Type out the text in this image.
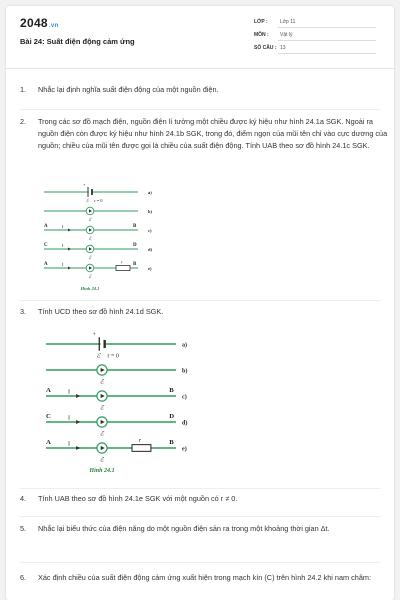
2048.vn
Bài 24: Suất điện động cảm ứng
LỚP : Lớp 11
MÔN : Vật lý
SỐ CÂU : 13
1. Nhắc lại định nghĩa suất điện động của một nguồn điện.
2. Trong các sơ đồ mạch điện, nguồn điện lí tưởng một chiều được ký hiệu như hình 24.1a SGK. Ngoài ra nguồn điện còn được ký hiệu như hình 24.1b SGK, trong đó, điểm ngọn của mũi tên chỉ vào cực dương của nguồn; chiều của mũi tên được gọi là chiều của suất điện động. Tính UAB theo sơ đồ hình 24.1c SGK.
+
ℰ r = 0
a)
ℰ
b)
ℰ
A	B
I
c)
ℰ
C	D
I
d)
ℰ
A	B
I	r
e)
Hình 24.1
3. Tính UCD theo sơ đồ hình 24.1d SGK.
+
ℰ r = 0
a)
ℰ
b)
ℰ
A	B
I
c)
ℰ
C	D
I
d)
ℰ
A	B
I
r
e)
Hình 24.1
4. Tính UAB theo sơ đồ hình 24.1e SGK với một nguồn có r ≠ 0.
5. Nhắc lại biểu thức của điện năng do một nguồn điện sản ra trong một khoảng thời gian Δt.
6. Xác định chiều của suất điện động cảm ứng xuất hiện trong mạch kín (C) trên hình 24.2 khi nam châm:
